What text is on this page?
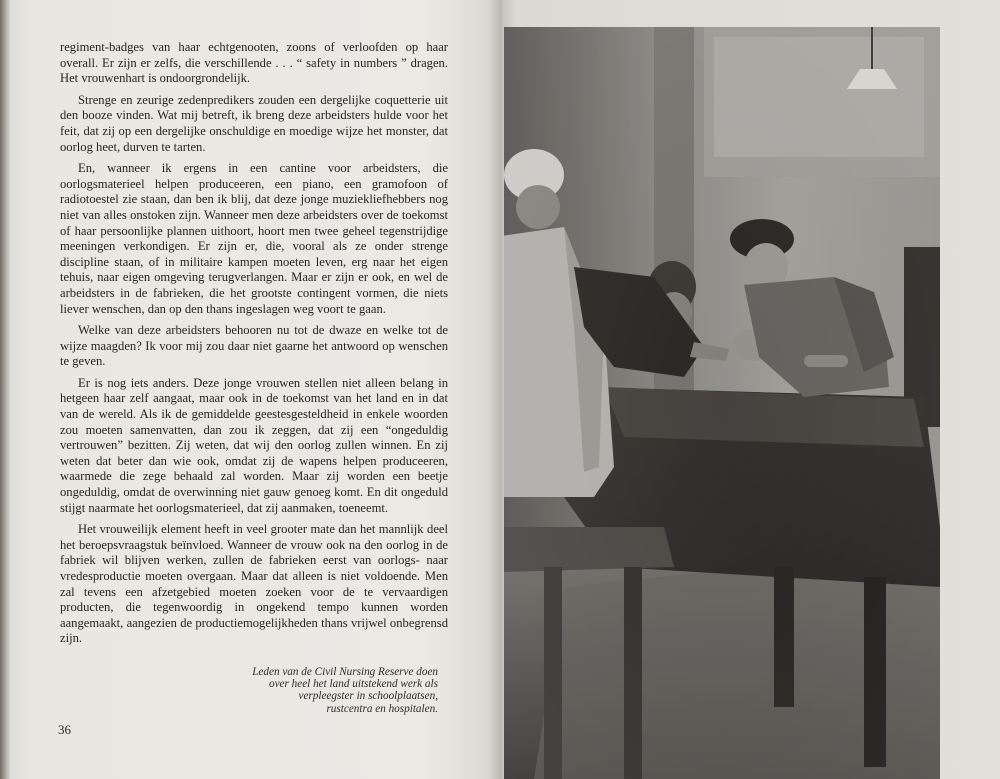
regiment-badges van haar echtgenooten, zoons of verloofden op haar overall. Er zijn er zelfs, die verschillende . . . “ safety in numbers ” dragen. Het vrouwenhart is ondoorgrondelijk.

Strenge en zeurige zedenpredikers zouden een dergelijke coquetterie uit den booze vinden. Wat mij betreft, ik breng deze arbeidsters hulde voor het feit, dat zij op een dergelijke onschuldige en moedige wijze het monster, dat oorlog heet, durven te tarten.

En, wanneer ik ergens in een cantine voor arbeidsters, die oorlogsmaterieel helpen produceeren, een piano, een gramofoon of radiotoestel zie staan, dan ben ik blij, dat deze jonge muziekliefhebbers nog niet van alles onstoken zijn. Wanneer men deze arbeidsters over de toekomst of haar persoonlijke plannen uithoort, hoort men twee geheel tegenstrijdige meeningen verkondigen. Er zijn er, die, vooral als ze onder strenge discipline staan, of in militaire kampen moeten leven, erg naar het eigen tehuis, naar eigen omgeving terugverlangen. Maar er zijn er ook, en wel de arbeidsters in de fabrieken, die het grootste contingent vormen, die niets liever wenschen, dan op den thans ingeslagen weg voort te gaan.

Welke van deze arbeidsters behooren nu tot de dwaze en welke tot de wijze maagden? Ik voor mij zou daar niet gaarne het antwoord op wenschen te geven.

Er is nog iets anders. Deze jonge vrouwen stellen niet alleen belang in hetgeen haar zelf aangaat, maar ook in de toekomst van het land en in dat van de wereld. Als ik de gemiddelde geestesgesteldheid in enkele woorden zou moeten samenvatten, dan zou ik zeggen, dat zij een “ongeduldig vertrouwen” bezitten. Zij weten, dat wij den oorlog zullen winnen. En zij weten dat beter dan wie ook, omdat zij de wapens helpen produceeren, waarmede die zege behaald zal worden. Maar zij worden een beetje ongeduldig, omdat de overwinning niet gauw genoeg komt. En dit ongeduld stijgt naarmate het oorlogsmaterieel, dat zij aanmaken, toeneemt.

Het vrouweilijk element heeft in veel grooter mate dan het mannlijk deel het beroepsvraagstuk beïnvloed. Wanneer de vrouw ook na den oorlog in de fabriek wil blijven werken, zullen de fabrieken eerst van oorlogs- naar vredesproductie moeten overgaan. Maar dat alleen is niet voldoende. Men zal tevens een afzetgebied moeten zoeken voor de te vervaardigen producten, die tegenwoordig in ongekend tempo kunnen worden aangemaakt, aangezien de productiemogelijkheden thans vrijwel onbegrensd zijn.

Leden van de Civil Nursing Reserve doen over heel het land uitstekend werk als verpleegster in schoolplaatsen, rustcentra en hospitalen.
36
